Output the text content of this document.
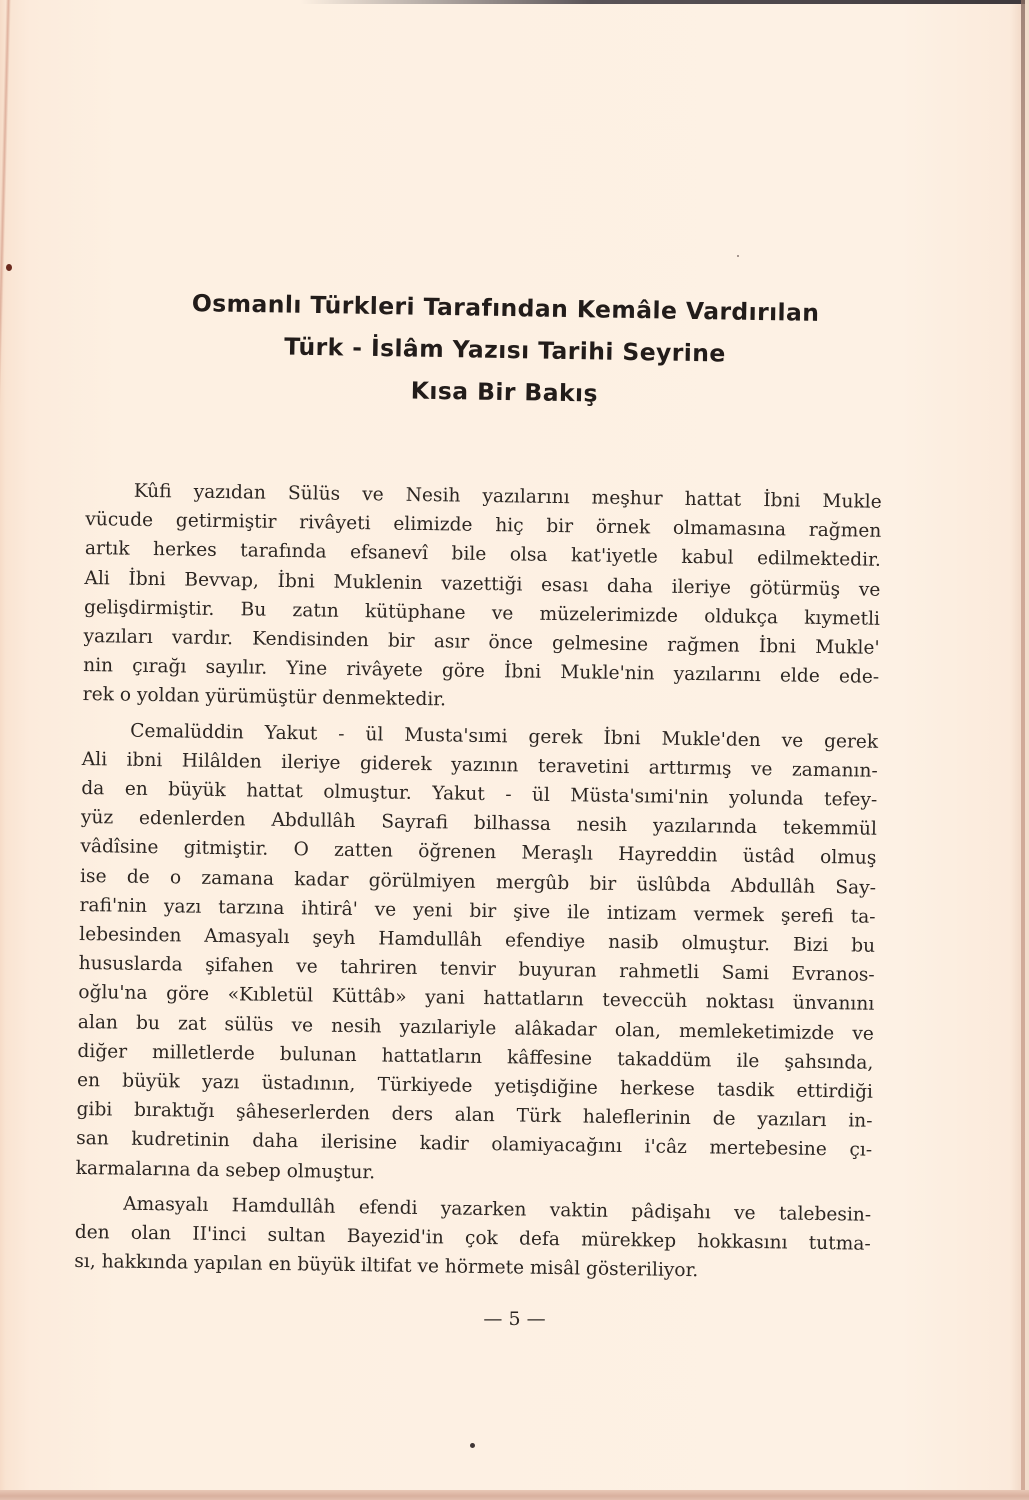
Osmanlı Türkleri Tarafından Kemâle Vardırılan
Türk - İslâm Yazısı Tarihi Seyrine
Kısa Bir Bakış
Kûfi yazıdan Sülüs ve Nesih yazılarını meşhur hattat İbni Mukle
vücude getirmiştir rivâyeti elimizde hiç bir örnek olmamasına rağmen
artık herkes tarafında efsanevî bile olsa kat'iyetle kabul edilmektedir.
Ali İbni Bevvap, İbni Muklenin vazettiği esası daha ileriye götürmüş ve
gelişdirmiştir. Bu zatın kütüphane ve müzelerimizde oldukça kıymetli
yazıları vardır. Kendisinden bir asır önce gelmesine rağmen İbni Mukle'
nin çırağı sayılır. Yine rivâyete göre İbni Mukle'nin yazılarını elde ede-
rek o yoldan yürümüştür denmektedir.
Cemalüddin Yakut - ül Musta'sımi gerek İbni Mukle'den ve gerek
Ali ibni Hilâlden ileriye giderek yazının teravetini arttırmış ve zamanın-
da en büyük hattat olmuştur. Yakut - ül Müsta'sımi'nin yolunda tefey-
yüz edenlerden Abdullâh Sayrafi bilhassa nesih yazılarında tekemmül
vâdîsine gitmiştir. O zatten öğrenen Meraşlı Hayreddin üstâd olmuş
ise de o zamana kadar görülmiyen mergûb bir üslûbda Abdullâh Say-
rafi'nin yazı tarzına ihtirâ' ve yeni bir şive ile intizam vermek şerefi ta-
lebesinden Amasyalı şeyh Hamdullâh efendiye nasib olmuştur. Bizi bu
hususlarda şifahen ve tahriren tenvir buyuran rahmetli Sami Evranos-
oğlu'na göre «Kıbletül Küttâb» yani hattatların teveccüh noktası ünvanını
alan bu zat sülüs ve nesih yazılariyle alâkadar olan, memleketimizde ve
diğer milletlerde bulunan hattatların kâffesine takaddüm ile şahsında,
en büyük yazı üstadının, Türkiyede yetişdiğine herkese tasdik ettirdiği
gibi bıraktığı şâheserlerden ders alan Türk haleflerinin de yazıları in-
san kudretinin daha ilerisine kadir olamiyacağını i'câz mertebesine çı-
karmalarına da sebep olmuştur.
Amasyalı Hamdullâh efendi yazarken vaktin pâdişahı ve talebesin-
den olan II'inci sultan Bayezid'in çok defa mürekkep hokkasını tutma-
sı, hakkında yapılan en büyük iltifat ve hörmete misâl gösteriliyor.
— 5 —
